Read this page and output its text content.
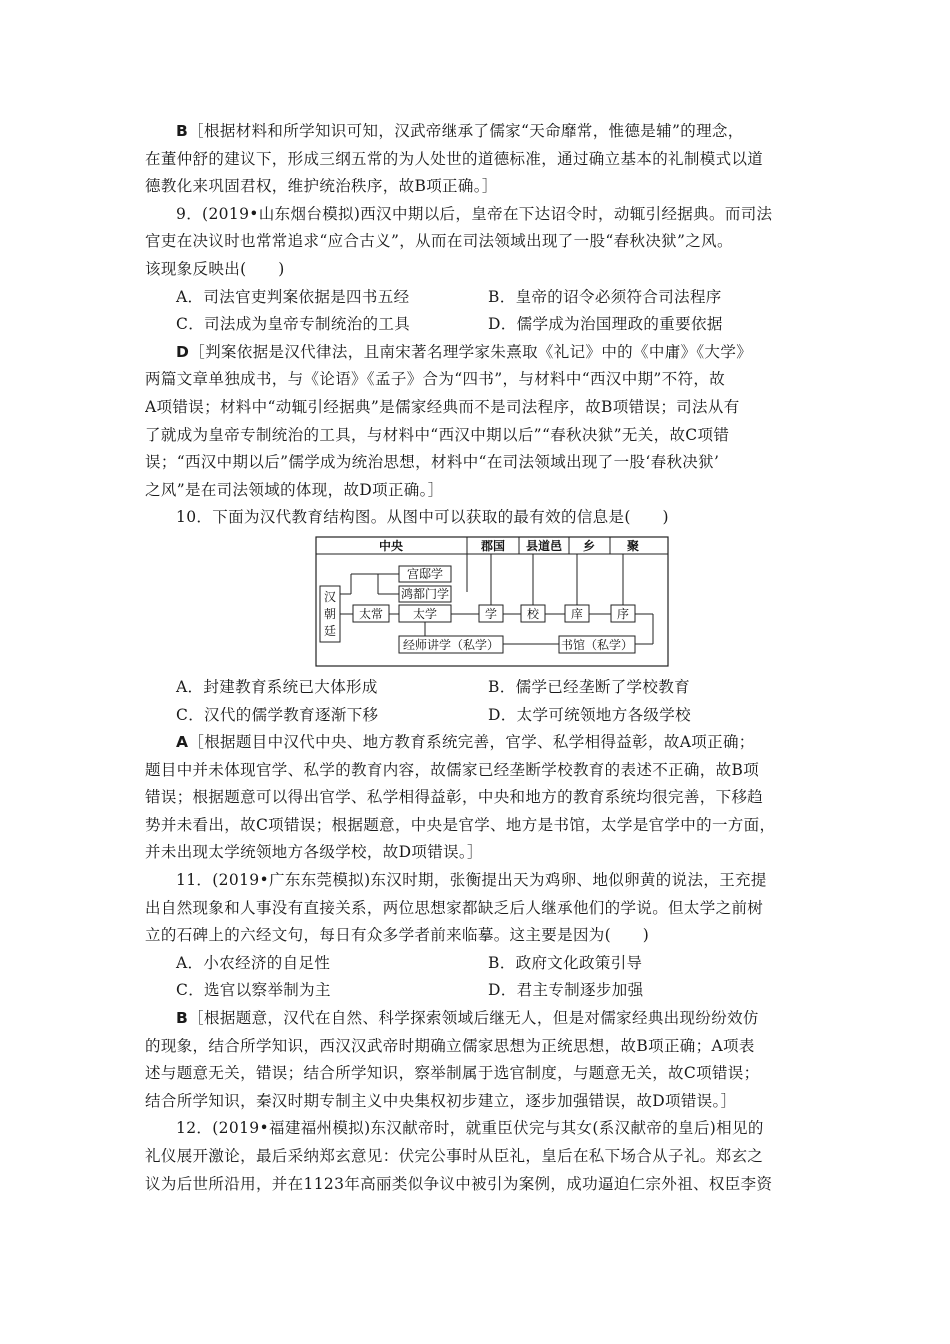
B［根据材料和所学知识可知，汉武帝继承了儒家“天命靡常，惟德是辅”的理念，
在董仲舒的建议下，形成三纲五常的为人处世的道德标准，通过确立基本的礼制模式以道
德教化来巩固君权，维护统治秩序，故B项正确。］
9．(2019•山东烟台模拟)西汉中期以后，皇帝在下达诏令时，动辄引经据典。而司法
官吏在决议时也常常追求“应合古义”，从而在司法领域出现了一股“春秋决狱”之风。
该现象反映出(　　)
A．司法官吏判案依据是四书五经	B．皇帝的诏令必须符合司法程序
C．司法成为皇帝专制统治的工具	D．儒学成为治国理政的重要依据
D［判案依据是汉代律法，且南宋著名理学家朱熹取《礼记》中的《中庸》《大学》
两篇文章单独成书，与《论语》《孟子》合为“四书”，与材料中“西汉中期”不符，故
A项错误；材料中“动辄引经据典”是儒家经典而不是司法程序，故B项错误；司法从有
了就成为皇帝专制统治的工具，与材料中“西汉中期以后”“春秋决狱”无关，故C项错
误；“西汉中期以后”儒学成为统治思想，材料中“在司法领域出现了一股‘春秋决狱’
之风”是在司法领域的体现，故D项正确。］
10．下面为汉代教育结构图。从图中可以获取的最有效的信息是(　　)
中央	郡国 县道邑 乡	聚
汉
朝
廷
太常
宫邸学
鸿都门学
太学	学 校	庠	序
经师讲学（私学）	书馆（私学）
A．封建教育系统已大体形成	B．儒学已经垄断了学校教育
C．汉代的儒学教育逐渐下移	D．太学可统领地方各级学校
A［根据题目中汉代中央、地方教育系统完善，官学、私学相得益彰，故A项正确；
题目中并未体现官学、私学的教育内容，故儒家已经垄断学校教育的表述不正确，故B项
错误；根据题意可以得出官学、私学相得益彰，中央和地方的教育系统均很完善，下移趋
势并未看出，故C项错误；根据题意，中央是官学、地方是书馆，太学是官学中的一方面，
并未出现太学统领地方各级学校，故D项错误。］
11．(2019•广东东莞模拟)东汉时期，张衡提出天为鸡卵、地似卵黄的说法，王充提
出自然现象和人事没有直接关系，两位思想家都缺乏后人继承他们的学说。但太学之前树
立的石碑上的六经文句，每日有众多学者前来临摹。这主要是因为(　　)
A．小农经济的自足性	B．政府文化政策引导
C．选官以察举制为主	D．君主专制逐步加强
B［根据题意，汉代在自然、科学探索领域后继无人，但是对儒家经典出现纷纷效仿
的现象，结合所学知识，西汉汉武帝时期确立儒家思想为正统思想，故B项正确；A项表
述与题意无关，错误；结合所学知识，察举制属于选官制度，与题意无关，故C项错误；
结合所学知识，秦汉时期专制主义中央集权初步建立，逐步加强错误，故D项错误。］
12．(2019•福建福州模拟)东汉献帝时，就重臣伏完与其女(系汉献帝的皇后)相见的
礼仪展开激论，最后采纳郑玄意见：伏完公事时从臣礼，皇后在私下场合从子礼。郑玄之
议为后世所沿用，并在1123年高丽类似争议中被引为案例，成功逼迫仁宗外祖、权臣李资
